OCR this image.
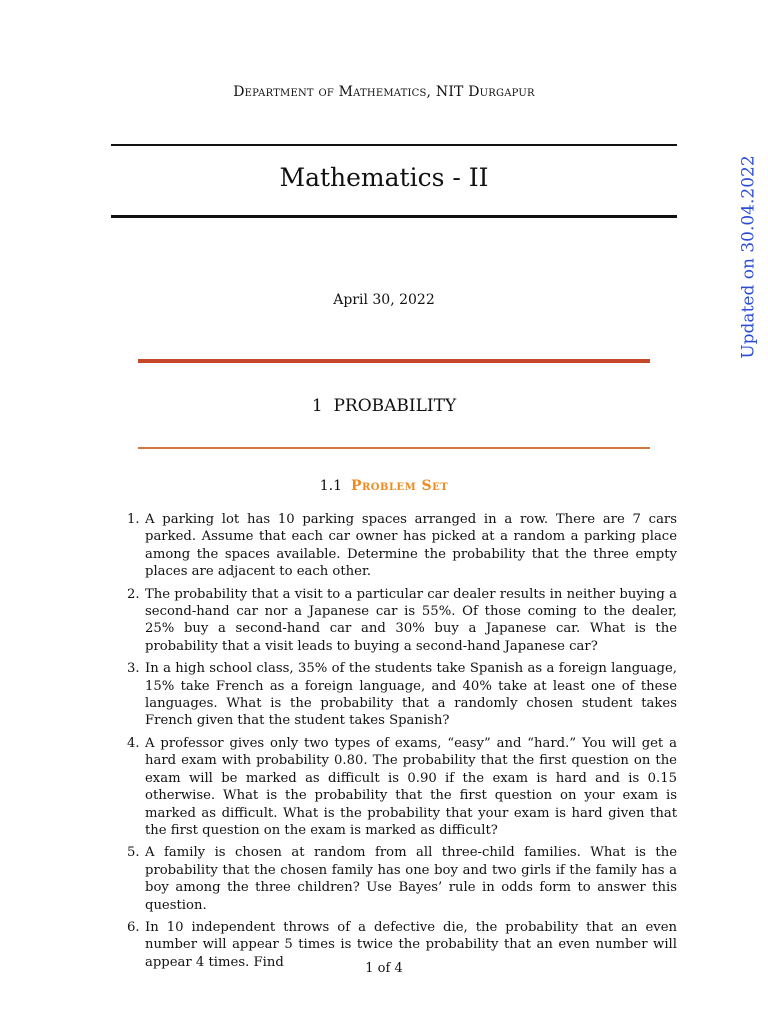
Department of Mathematics, NIT Durgapur
Mathematics - II
April 30, 2022
1 PROBABILITY
1.1 Problem Set
Updated on 30.04.2022
1. A parking lot has 10 parking spaces arranged in a row. There are 7 cars parked. Assume that each car owner has picked at a random a parking place among the spaces available. Determine the probability that the three empty places are adjacent to each other.
2. The probability that a visit to a particular car dealer results in neither buying a second-hand car nor a Japanese car is 55%. Of those coming to the dealer, 25% buy a second-hand car and 30% buy a Japanese car. What is the probability that a visit leads to buying a second-hand Japanese car?
3. In a high school class, 35% of the students take Spanish as a foreign language, 15% take French as a foreign language, and 40% take at least one of these languages. What is the probability that a randomly chosen student takes French given that the student takes Spanish?
4. A professor gives only two types of exams, “easy” and “hard.” You will get a hard exam with probability 0.80. The probability that the first question on the exam will be marked as difficult is 0.90 if the exam is hard and is 0.15 otherwise. What is the probability that the first question on your exam is marked as difficult. What is the probability that your exam is hard given that the first question on the exam is marked as difficult?
5. A family is chosen at random from all three-child families. What is the probability that the chosen family has one boy and two girls if the family has a boy among the three children? Use Bayes’ rule in odds form to answer this question.
6. In 10 independent throws of a defective die, the probability that an even number will appear 5 times is twice the probability that an even number will appear 4 times. Find	1 of 4
